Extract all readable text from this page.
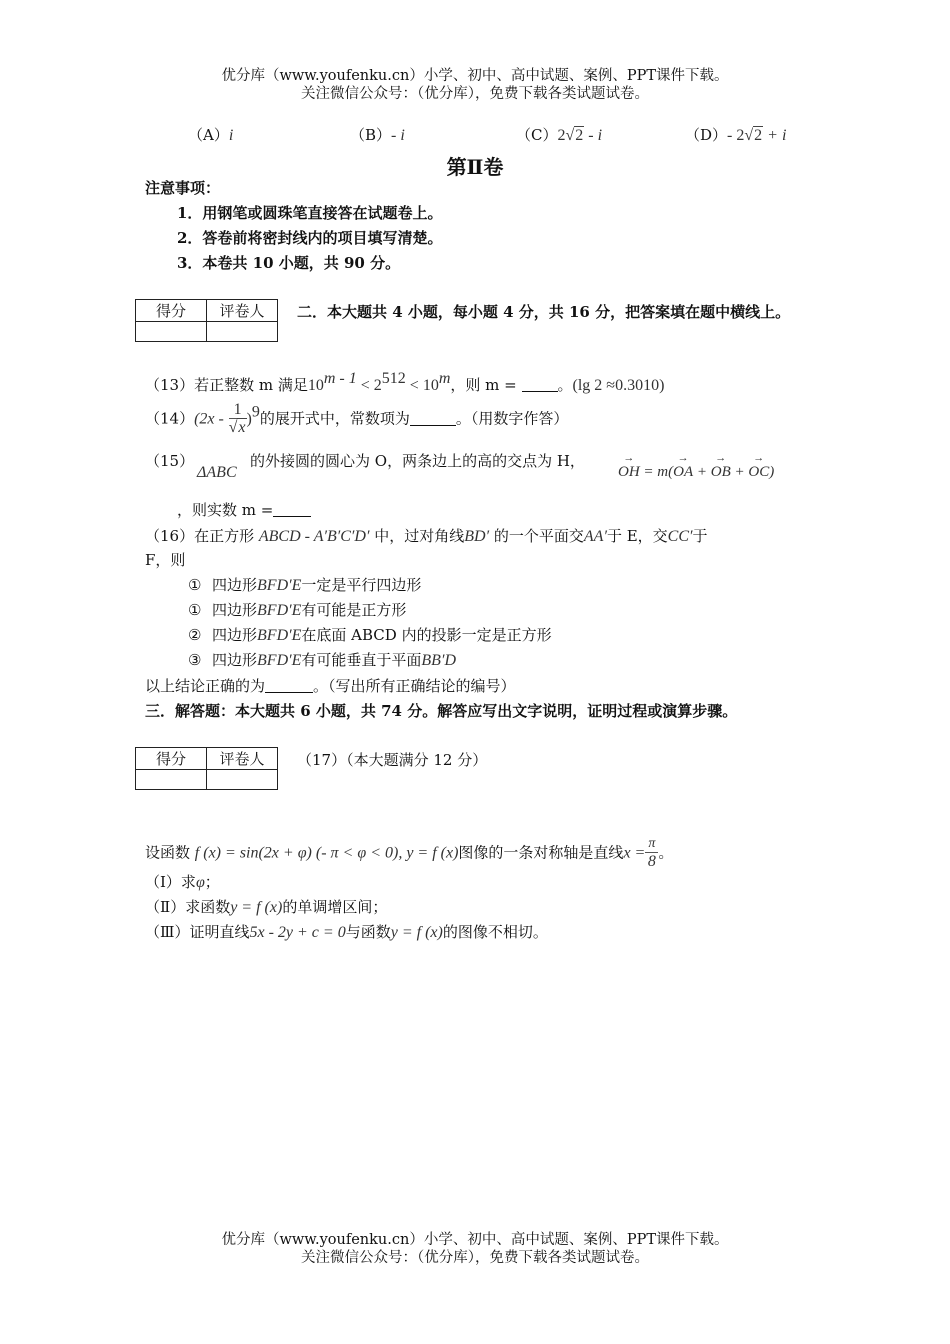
优分库（www.youfenku.cn）小学、初中、高中试题、案例、PPT课件下载。
关注微信公众号：（优分库），免费下载各类试题试卷。
（A）i	（B）- i	（C）2√2 - i	（D）- 2√2 + i
第Ⅱ卷
注意事项：
1．用钢笔或圆珠笔直接答在试题卷上。
2．答卷前将密封线内的项目填写清楚。
3．本卷共 10 小题，共 90 分。
得分	评卷人
	二．本大题共 4 小题，每小题 4 分，共 16 分，把答案填在题中横线上。
（13）若正整数 m 满足$10^{m - 1} < 2^{512} < 10^m$，则 m =	。(lg 2 ≈0.3010)
$(14)(2x - \frac{1}{√x} )^9$的展开式中，常数项为	。（用数字作答）
（15）
ΔABC
的外接圆的圆心为 O，两条边上的高的交点为 H，
→ OH = m(→ OA + → OB + → OC)
，则实数 m =
（16）在正方形 ABCD - A′B′C′D′ 中，过对角线BD′ 的一个平面交AA′于 E，交CC′于
F，则
① 四边形BFD′E一定是平行四边形
① 四边形BFD′E有可能是正方形
② 四边形BFD′E在底面 ABCD 内的投影一定是正方形
③ 四边形BFD′E有可能垂直于平面BB′D
以上结论正确的为	。（写出所有正确结论的编号）
三．解答题：本大题共 6 小题，共 74 分。解答应写出文字说明，证明过程或演算步骤。
得分	评卷人
	（17）（本大题满分 12 分）
设函数 f (x) = sin(2x + φ) (- π < φ < 0), y = f (x)图像的一条对称轴是直线$x = \frac{\pi}{8}$ 。
（Ⅰ）求φ；
（Ⅱ）求函数y = f (x)的单调增区间；
（Ⅲ）证明直线5x - 2y + c = 0与函数y = f (x)的图像不相切。
优分库（www.youfenku.cn）小学、初中、高中试题、案例、PPT课件下载。
关注微信公众号：（优分库），免费下载各类试题试卷。
